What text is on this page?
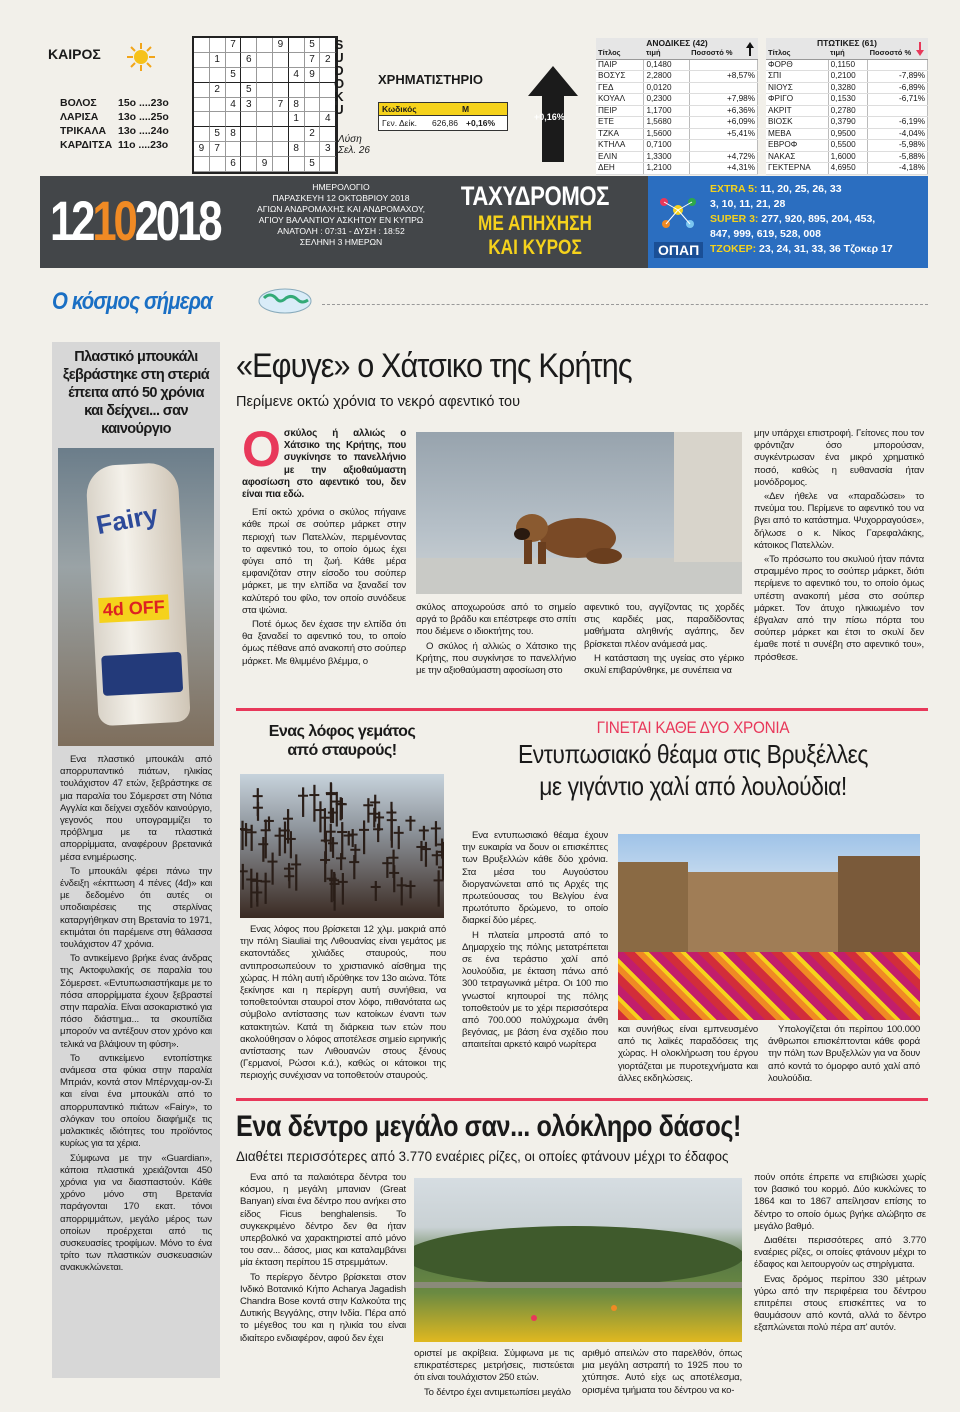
ΚΑΙΡΟΣ
ΒΟΛΟΣ	15ο ....23ο
ΛΑΡΙΣΑ	13ο ....25ο
ΤΡΙΚΑΛΑ	13ο ....24ο
ΚΑΡΔΙΤΣΑ 11ο ....23ο
7	9	5
1	6	7	2
5	4	9
2	5
4	3	7	8
1	4
5	8	2
9	7	8	3
6	9	5
S
U
D
O
K
U
Λύση
Σελ. 26
ΧΡΗΜΑΤΙΣΤΗΡΙΟ
Κωδικός	Μ
Γεν. Δείκ.	626,86 +0,16%
+0,16%
ΑΝΟΔΙΚΕΣ (42)
Τίτλος	τιμή	Ποσοστό %
ΠΑΙΡ	0,1480	
ΒΟΣΥΣ	2,2800	+8,57%
ΓΕΔ	0,0120	
ΚΟΥΑΛ	0,2300	+7,98%
ΠΕΙΡ	1,1700	+6,36%
ΕΤΕ	1,5680	+6,09%
ΤΖΚΑ	1,5600	+5,41%
ΚΤΗΛΑ	0,7100	
ΕΛΙΝ	1,3300	+4,72%
ΔΕΗ	1,2100	+4,31%
ΠΤΩΤΙΚΕΣ (61)
Τίτλος	τιμή	Ποσοστό %
ΦΟΡΘ	0,1150	
ΣΠΙ	0,2100	-7,89%
ΝΙΟΥΣ	0,3280	-6,89%
ΦΡΙΓΟ	0,1530	-6,71%
ΑΚΡΙΤ	0,2780	
ΒΙΟΣΚ	0,3790	-6,19%
ΜΕΒΑ	0,9500	-4,04%
ΕΒΡΟΦ	0,5500	-5,98%
ΝΑΚΑΣ	1,6000	-5,88%
ΓΕΚΤΕΡΝΑ	4,6950	-4,18%
12102018
ΗΜΕΡΟΛΟΓΙΟ
ΠΑΡΑΣΚΕΥΗ 12 ΟΚΤΩΒΡΙΟΥ 2018
ΑΓΙΩΝ ΑΝΔΡΟΜΑΧΗΣ ΚΑΙ ΑΝΔΡΟΜΑΧΟΥ,
ΑΓΙΟΥ ΒΑΛΑΝΤΙΟΥ ΑΣΚΗΤΟΥ ΕΝ ΚΥΠΡΩ
ΑΝΑΤΟΛΗ : 07:31 - ΔΥΣΗ : 18:52
ΣΕΛΗΝΗ 3 ΗΜΕΡΩΝ
ΤΑΧΥΔΡΟΜΟΣ
ΜΕ ΑΠΗΧΗΣΗ
ΚΑΙ ΚΥΡΟΣ	ΟΠΑΠ
EXTRA 5: 11, 20, 25, 26, 33
3, 10, 11, 21, 28
SUPER 3: 277, 920, 895, 204, 453,
847, 999, 619, 528, 008
ΤΖΟΚΕΡ: 23, 24, 31, 33, 36 Τζοκερ 17
Ο κόσμος σήμερα
Πλαστικό μπουκάλι ξεβράστηκε στη στεριά έπειτα από 50 χρόνια και δείχνει... σαν καινούργιο
Fairy
4d OFF

Ενα πλαστικό μπουκάλι από απορρυπαντικό πιάτων, ηλικίας τουλάχιστον 47 ετών, ξεβράστηκε σε μια παραλία του Σόμερσετ στη Νότια Αγγλία και δείχνει σχεδόν καινούργιο, γεγονός που υπογραμμίζει το πρόβλημα με τα πλαστικά απορρίμματα, αναφέρουν βρετανικά μέσα ενημέρωσης.

Το μπουκάλι φέρει πάνω την ένδειξη «έκπτωση 4 πένες (4d)» και με δεδομένο ότι αυτές οι υποδιαιρέσεις της στερλίνας καταργήθηκαν στη Βρετανία το 1971, εκτιμάται ότι παρέμεινε στη θάλασσα τουλάχιστον 47 χρόνια.

Το αντικείμενο βρήκε ένας άνδρας της Ακτοφυλακής σε παραλία του Σόμερσετ. «Εντυπωσιαστήκαμε με το πόσα απορρίμματα έχουν ξεβραστεί στην παραλία. Είναι ασοκαριστικό για πόσο διάστημα... τα σκουπίδια μπορούν να αντέξουν στον χρόνο και τελικά να βλάψουν τη φύση».

Το αντικείμενο εντοπίστηκε ανάμεσα στα φύκια στην παραλία Μπριάν, κοντά στον Μπέρνχαμ-ον-Σι και είναι ένα μπουκάλι από το απορρυπαντικό πιάτων «Fairy», το σλόγκαν του οποίου διαφήμιζε τις μαλακτικές ιδιότητες του προϊόντος κυρίως για τα χέρια.

Σύμφωνα με την «Guardian», κάποια πλαστικά χρειάζονται 450 χρόνια για να διασπαστούν. Κάθε χρόνο μόνο στη Βρετανία παράγονται 170 εκατ. τόνοι απορριμμάτων, μεγάλο μέρος των οποίων προέρχεται από τις συσκευασίες τροφίμων. Μόνο το ένα τρίτο των πλαστικών συσκευασιών ανακυκλώνεται.

«Εφυγε» ο Χάτσικο της Κρήτης
Περίμενε οκτώ χρόνια το νεκρό αφεντικό του
Ο σκύλος ή αλλιώς ο Χάτσικο της Κρήτης, που συγκίνησε το πανελλήνιο με την αξιοθαύμαστη αφοσίωση στο αφεντικό του, δεν είναι πια εδώ.

Επί οκτώ χρόνια ο σκύλος πήγαινε κάθε πρωί σε σούπερ μάρκετ στην περιοχή των Πατελλών, περιμένοντας το αφεντικό του, το οποίο όμως έχει φύγει από τη ζωή. Κάθε μέρα εμφανιζόταν στην είσοδο του σούπερ μάρκετ, με την ελπίδα να ξαναδεί τον καλύτερό του φίλο, τον οποίο συνόδευε στα ψώνια.

Ποτέ όμως δεν έχασε την ελπίδα ότι θα ξαναδεί το αφεντικό του, το οποίο όμως πέθανε από ανακοπή στο σούπερ μάρκετ. Με θλιμμένο βλέμμα, ο

σκύλος αποχωρούσε από το σημείο αργά το βράδυ και επέστρεφε στο σπίτι που διέμενε ο ιδιοκτήτης του.

Ο σκύλος ή αλλιώς ο Χάτσικο της Κρήτης, που συγκίνησε το πανελλήνιο με την αξιοθαύμαστη αφοσίωση στο

αφεντικό του, αγγίζοντας τις χορδές στις καρδιές μας, παραδίδοντας μαθήματα αληθινής αγάπης, δεν βρίσκεται πλέον ανάμεσά μας.

Η κατάσταση της υγείας στο γέρικο σκυλί επιβαρύνθηκε, με συνέπεια να

μην υπάρχει επιστροφή. Γείτονες που τον φρόντιζαν όσο μπορούσαν, συγκέντρωσαν ένα μικρό χρηματικό ποσό, καθώς η ευθανασία ήταν μονόδρομος.

«Δεν ήθελε να «παραδώσει» το πνεύμα του. Περίμενε το αφεντικό του να βγει από το κατάστημα. Ψυχορραγούσε», δήλωσε ο κ. Νίκος Γαρεφαλάκης, κάτοικος Πατελλών.

«Το πρόσωπο του σκυλιού ήταν πάντα στραμμένο προς το σούπερ μάρκετ, διότι περίμενε το αφεντικό του, το οποίο όμως υπέστη ανακοπή μέσα στο σούπερ μάρκετ. Τον άτυχο ηλικιωμένο τον έβγαλαν από την πίσω πόρτα του σούπερ μάρκετ και έτσι το σκυλί δεν έμαθε ποτέ τι συνέβη στο αφεντικό του», πρόσθεσε.

Ενας λόφος γεμάτος από σταυρούς!

Ενας λόφος που βρίσκεται 12 χλμ. μακριά από την πόλη Siauliai της Λιθουανίας είναι γεμάτος με εκατοντάδες χιλιάδες σταυρούς, που αντιπροσωπεύουν το χριστιανικό αίσθημα της χώρας. Η πόλη αυτή ιδρύθηκε τον 13ο αιώνα. Τότε ξεκίνησε και η περίεργη αυτή συνήθεια, να τοποθετούνται σταυροί στον λόφο, πιθανότατα ως σύμβολο αντίστασης των κατοίκων έναντι των κατακτητών. Κατά τη διάρκεια των ετών που ακολούθησαν ο λόφος αποτέλεσε σημείο ειρηνικής αντίστασης των Λιθουανών στους ξένους (Γερμανοί, Ρώσοι κ.ά.), καθώς οι κάτοικοι της περιοχής συνέχισαν να τοποθετούν σταυρούς.

ΓΙΝΕΤΑΙ ΚΑΘΕ ΔΥΟ ΧΡΟΝΙΑ
Εντυπωσιακό θέαμα στις Βρυξέλλες
με γιγάντιο χαλί από λουλούδια!

Ενα εντυπωσιακό θέαμα έχουν την ευκαιρία να δουν οι επισκέπτες των Βρυξελλών κάθε δύο χρόνια. Στα μέσα του Αυγούστου διοργανώνεται από τις Αρχές της πρωτεύουσας του Βελγίου ένα πρωτότυπο δρώμενο, το οποίο διαρκεί δύο μέρες.

Η πλατεία μπροστά από το Δημαρχείο της πόλης μετατρέπεται σε ένα τεράστιο χαλί από λουλούδια, με έκταση πάνω από 300 τετραγωνικά μέτρα. Οι 100 πιο γνωστοί κηπουροί της πόλης τοποθετούν με το χέρι περισσότερα από 700.000 πολύχρωμα άνθη βεγόνιας, με βάση ένα σχέδιο που απαιτείται αρκετό καιρό νωρίτερα

και συνήθως είναι εμπνευσμένο από τις λαϊκές παραδόσεις της χώρας. Η ολοκλήρωση του έργου γιορτάζεται με πυροτεχνήματα και άλλες εκδηλώσεις.

Υπολογίζεται ότι περίπου 100.000 άνθρωποι επισκέπτονται κάθε φορά την πόλη των Βρυξελλών για να δουν από κοντά το όμορφο αυτό χαλί από λουλούδια.

Ενα δέντρο μεγάλο σαν... ολόκληρο δάσος!
Διαθέτει περισσότερες από 3.770 εναέριες ρίζες, οι οποίες φτάνουν μέχρι το έδαφος

Ενα από τα παλαιότερα δέντρα του κόσμου, η μεγάλη μπανιαν (Great Banyan) είναι ένα δέντρο που ανήκει στο είδος Ficus benghalensis. Το συγκεκριμένο δέντρο δεν θα ήταν υπερβολικό να χαρακτηριστεί από μόνο του σαν... δάσος, μιας και καταλαμβάνει μία έκταση περίπου 15 στρεμμάτων.

Το περίεργο δέντρο βρίσκεται στον Ινδικό Βοτανικό Κήπο Acharya Jagadish Chandra Bose κοντά στην Καλκούτα της Δυτικής Βεγγάλης, στην Ινδία. Πέρα από το μέγεθος του και η ηλικία του είναι ιδιαίτερο ενδιαφέρον, αφού δεν έχει

οριστεί με ακρίβεια. Σύμφωνα με τις επικρατέστερες μετρήσεις, πιστεύεται ότι είναι τουλάχιστον 250 ετών.

Το δέντρο έχει αντιμετωπίσει μεγάλο

αριθμό απειλών στο παρελθόν, όπως μια μεγάλη αστραπή το 1925 που το χτύπησε. Αυτό είχε ως αποτέλεσμα, ορισμένα τμήματα του δέντρου να κο-

πούν οπότε έπρεπε να επιβιώσει χωρίς τον βασικό του κορμό. Δύο κυκλώνες το 1864 και το 1867 απείλησαν επίσης το δέντρο το οποίο όμως βγήκε αλώβητο σε μεγάλο βαθμό.

Διαθέτει περισσότερες από 3.770 εναέριες ρίζες, οι οποίες φτάνουν μέχρι το έδαφος και λειτουργούν ως στηρίγματα.

Ενας δρόμος περίπου 330 μέτρων γύρω από την περιφέρεια του δέντρου επιτρέπει στους επισκέπτες να το θαυμάσουν από κοντά, αλλά το δέντρο εξαπλώνεται πολύ πέρα απ' αυτόν.
